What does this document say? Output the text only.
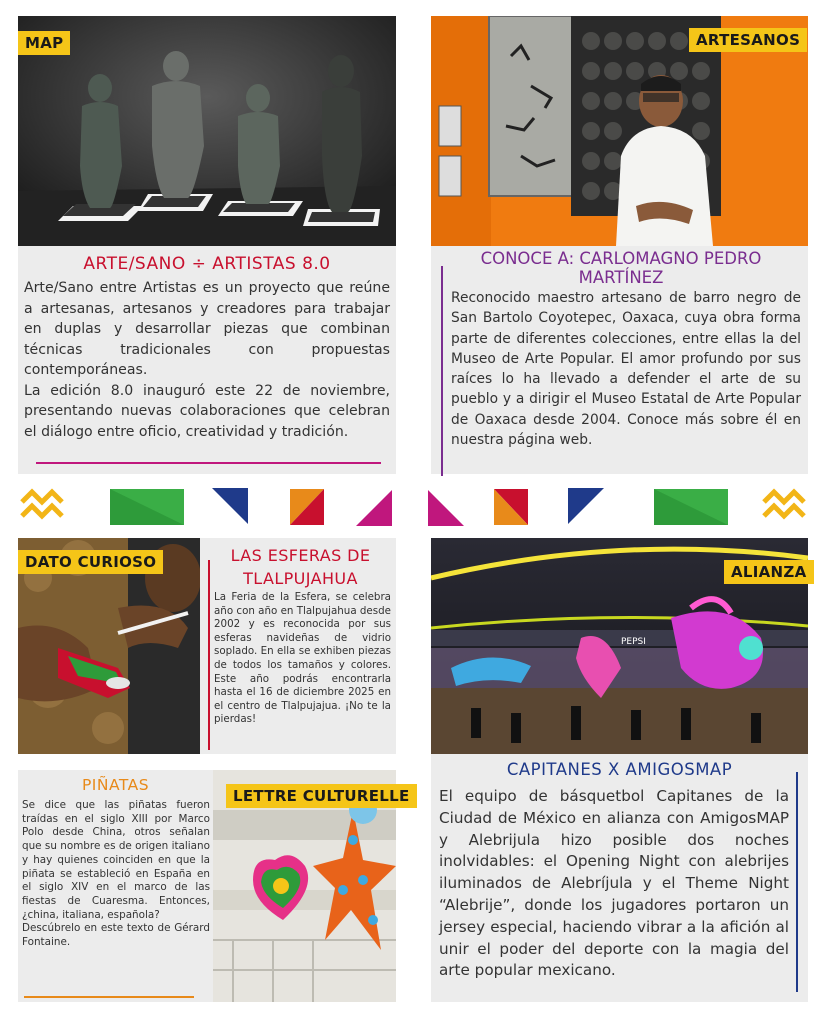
MAP
ARTE/SANO ÷ ARTISTAS 8.0

Arte/Sano entre Artistas es un proyecto que reúne a artesanas, artesanos y creadores para trabajar en duplas y desarrollar piezas que combinan técnicas tradicionales con propuestas contemporáneas.

La edición 8.0 inauguró este 22 de noviembre, presentando nuevas colaboraciones que celebran el diálogo entre oficio, creatividad y tradición.

ARTESANOS
CONOCE A: CARLOMAGNO PEDRO MARTÍNEZ

Reconocido maestro artesano de barro negro de San Bartolo Coyotepec, Oaxaca, cuya obra forma parte de diferentes colecciones, entre ellas la del Museo de Arte Popular. El amor profundo por sus raíces lo ha llevado a defender el arte de su pueblo y a dirigir el Museo Estatal de Arte Popular de Oaxaca desde 2004. Conoce más sobre él en nuestra página web.

DATO CURIOSO	LAS ESFERAS DE TLALPUJAHUA

La Feria de la Esfera, se celebra año con año en Tlalpujahua desde 2002 y es reconocida por sus esferas navideñas de vidrio soplado. En ella se exhiben piezas de todos los tamaños y colores. Este año podrás encontrarla hasta el 16 de diciembre 2025 en el centro de Tlalpujajua. ¡No te la pierdas!

PEPSI
ALIANZA
CAPITANES X AMIGOSMAP

El equipo de básquetbol Capitanes de la Ciudad de México en alianza con AmigosMAP y Alebrijula hizo posible dos noches inolvidables: el Opening Night con alebrijes iluminados de Alebríjula y el Theme Night “Alebrije”, donde los jugadores portaron un jersey especial, haciendo vibrar a la afición al unir el poder del deporte con la magia del arte popular mexicano.

LETTRE CULTURELLE
PIÑATAS

Se dice que las piñatas fueron traídas en el siglo XIII por Marco Polo desde China, otros señalan que su nombre es de origen italiano y hay quienes coinciden en que la piñata se estableció en España en el siglo XIV en el marco de las fiestas de Cuaresma. Entonces, ¿china, italiana, española?

Descúbrelo en este texto de Gérard Fontaine.
